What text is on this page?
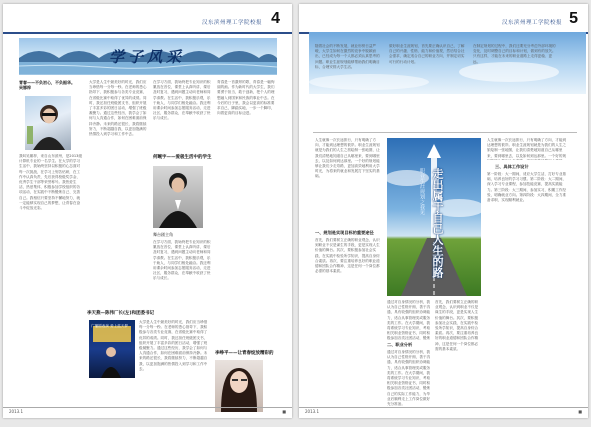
汉东滨州理工学院校报 4
学子风采
青春——不负初心，不负韶华。
吴娜梓
我叫吴娜梓，来自山东滨州，是2013级计算机专业的一名学生。在大学的学习生活中，我始终坚持以积极的心态面对每一次挑战，在学习上刻苦钻研，在工作中认真负责，先后获得校级奖学金、优秀学生干部等荣誉称号。我热爱生活，热爱集体，积极参加学校组织的各项活动，在实践中不断锻炼自己、完善自己。我相信只要坚持不懈地努力，就一定能够实现自己的梦想，让青春在奋斗中绽放光彩。
大学是人生中最美好的时光，我们应当珍惜每一分每一秒。在老师的悉心指导下，我积极参与各类专业竞赛，在省级比赛中取得了优异的成绩。同时，我还担任班级团支书，组织开展了丰富多彩的团日活动，增强了班级凝聚力。通过这些经历，我学会了如何与人沟通合作，如何在困难面前保持冷静。未来的路还很长，我将继续努力，不断超越自我，以更加饱满的热情投入到学习和工作中去。
在学习方面，我始终把专业知识的积累放在首位，课堂上认真听讲，课后及时复习，遇到问题主动向老师和同学请教。在生活中，我积极乐观，乐于助人，与同学们相处融洽。我还利用课余时间参加志愿服务活动，走进社区，服务群众，在奉献中收获了快乐与成长。
青春是一首激昂的歌，青春是一幅绚丽的画。作为新时代的大学生，我们要勇于担当，敢于创新，把个人的理想融入到国家和民族的事业中去。在今后的日子里，我会以更高的标准要求自己，脚踏实地，一步一个脚印，向着更高的目标迈进。
何畹宇——爱极生活中的学生
舞台剧主角
在学习方面，我始终把专业知识的积累放在首位，课堂上认真听讲，课后及时复习，遇到问题主动向老师和同学请教。在生活中，我积极乐观，乐于助人，与同学们相处融洽。我还利用课余时间参加志愿服务活动，走进社区，服务群众，在奉献中收获了快乐与成长。
李天燕—陈伟厂长(左)和团委书记
广播剧表演 爱上蓝天梦
大学是人生中最美好的时光，我们应当珍惜每一分每一秒。在老师的悉心指导下，我积极参与各类专业竞赛，在省级比赛中取得了优异的成绩。同时，我还担任班级团支书，组织开展了丰富多彩的团日活动，增强了班级凝聚力。通过这些经历，我学会了如何与人沟通合作，如何在困难面前保持冷静。未来的路还很长，我将继续努力，不断超越自我，以更加饱满的热情投入到学习和工作中去。
李峥平——让青春绽放精彩的
2013.1	■
汉东滨州理工学院校报 5
随着社会的不断发展，就业形势日益严峻，大学生如何在激烈的竞争中脱颖而出，已经成为每一个人都必须认真思考的问题。职业生涯规划能够帮助我们明确目标，合理安排大学生活。
做好职业生涯规划，首先要正确认识自己，了解自己的兴趣、性格、能力和价值观，然后结合社会需求，确定适合自己的职业方向，并制定切实可行的行动计划。
在制定规划的过程中，我们还要充分考虑外部环境的变化，及时调整自己的目标和计划，做到有的放矢。只有这样，才能在未来的职业道路上走得更稳、更远。
人生就像一次长途旅行，只有明确了方向，才能到达理想的彼岸。职业生涯规划就是为我们的人生之旅绘制一张地图，让我们清楚地知道自己从哪里来，要到哪里去，以及如何到达那里。一个好的规划能够让我们少走弯路，更加高效地利用大学时光，为将来的就业和发展打下坚实的基础。
一、规划是实现目标的重要途径
首先，我们要树立正确的职业观念，认识到职业不仅是谋生的手段，更是实现人生价值的舞台。其次，要积极参加社会实践，在实践中检验所学知识，提高自身综合素质。再次，要注重培养良好的职业道德和团队合作精神，这是任何一个岗位都必需的基本素质。
职业生涯规划之我见 走出属于自己人生的路
通过对自身情况的分析，我认为自己性格开朗，善于沟通，具有较强的组织协调能力，适合从事管理类或服务类的工作。在大学期间，我将系统学习专业知识，考取相关职业资格证书，同时积极参加各类社团活动，锻炼
二、职业分析
通过对自身情况的分析，我认为自己性格开朗，善于沟通，具有较强的组织协调能力，适合从事管理类或服务类的工作。在大学期间，我将系统学习专业知识，考取相关职业资格证书，同时积极参加各类社团活动，锻炼自己的实际工作能力，为毕业后顺利走上工作岗位做好充分准备。
首先，我们要树立正确的职业观念，认识到职业不仅是谋生的手段，更是实现人生价值的舞台。其次，要积极参加社会实践，在实践中检验所学知识，提高自身综合素质。再次，要注重培养良好的职业道德和团队合作精神，这是任何一个岗位都必需的基本素质。
人生就像一次长途旅行，只有明确了方向，才能到达理想的彼岸。职业生涯规划就是为我们的人生之旅绘制一张地图，让我们清楚地知道自己从哪里来，要到哪里去，以及如何到达那里。一个好的规
三、具体工作设计
第一阶段：大一期间，适应大学生活，打好专业基础，培养良好的学习习惯。第二阶段：大二期间，深入学习专业课程，参加技能竞赛，提高实践能力。第三阶段：大三期间，参加实习，积累工作经验，明确就业方向。第四阶段：大四期间，全力准备求职，实现顺利就业。
2013.1	■
